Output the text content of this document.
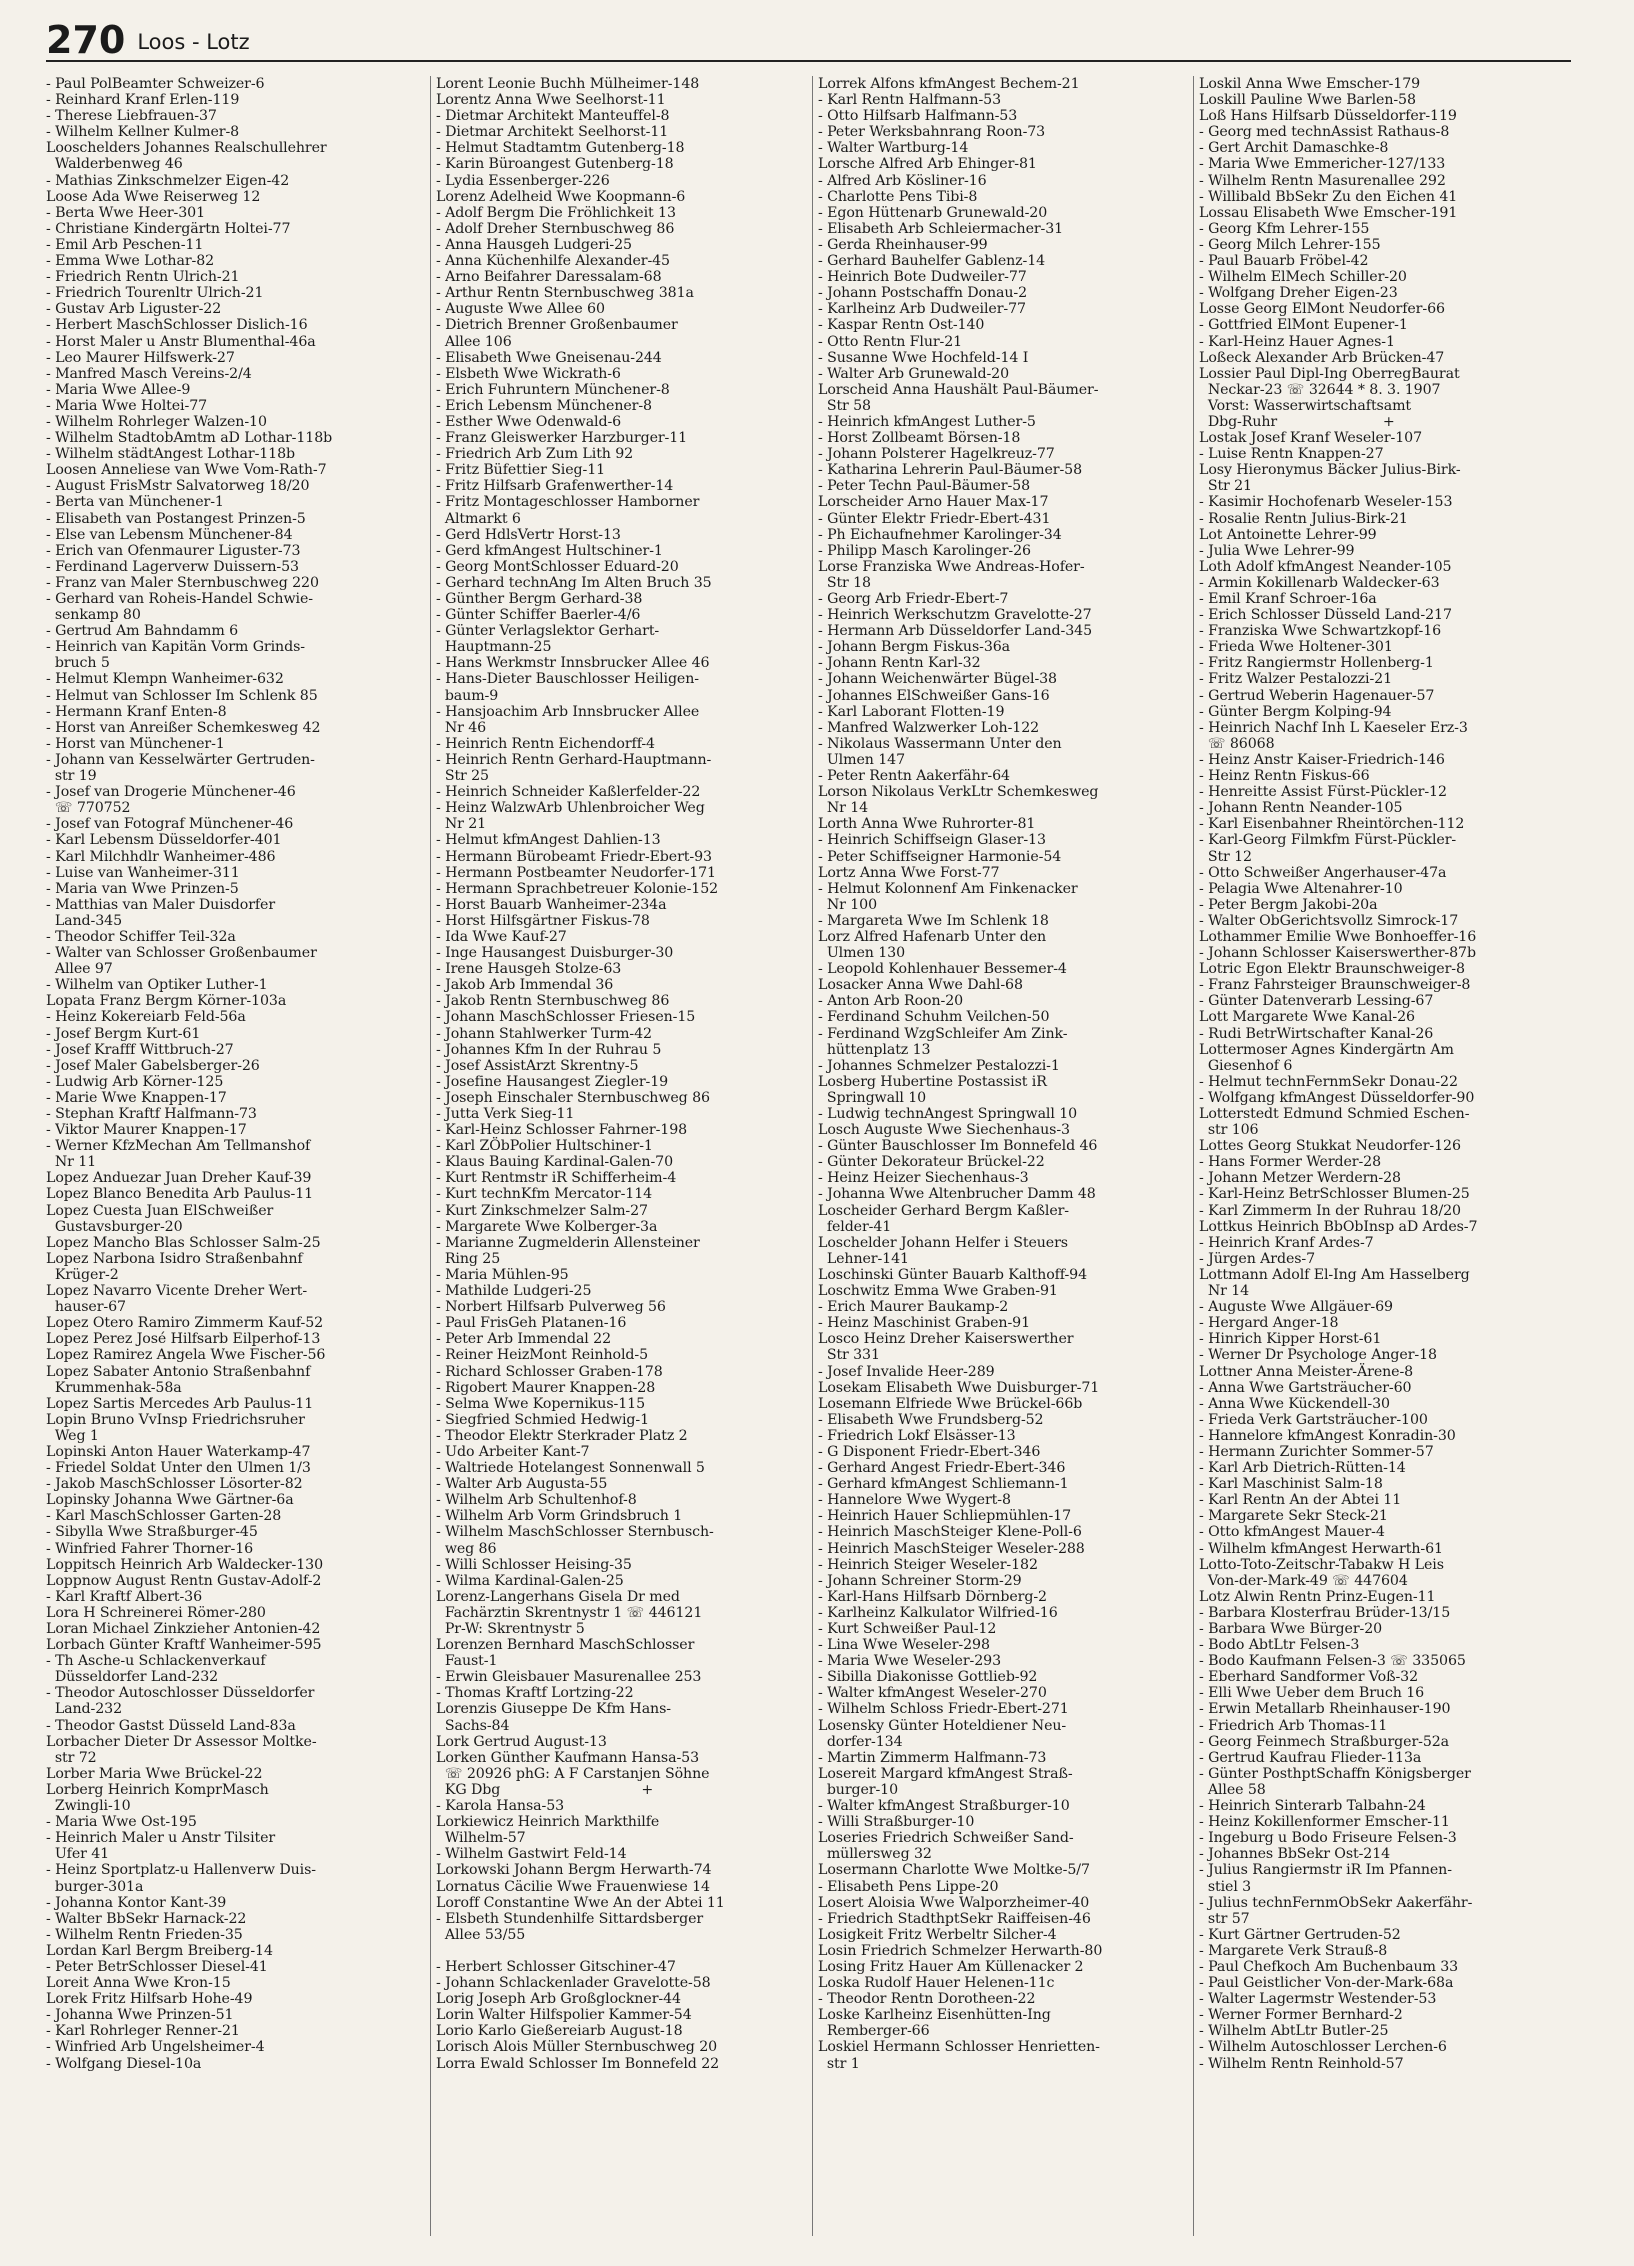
270 Loos - Lotz
- Paul PolBeamter Schweizer-6
- Reinhard Kranf Erlen-119
- Therese Liebfrauen-37
- Wilhelm Kellner Kulmer-8
Looschelders Johannes Realschullehrer
Walderbenweg 46
- Mathias Zinkschmelzer Eigen-42
Loose Ada Wwe Reiserweg 12
- Berta Wwe Heer-301
- Christiane Kindergärtn Holtei-77
- Emil Arb Peschen-11
- Emma Wwe Lothar-82
- Friedrich Rentn Ulrich-21
- Friedrich Tourenltr Ulrich-21
- Gustav Arb Liguster-22
- Herbert MaschSchlosser Dislich-16
- Horst Maler u Anstr Blumenthal-46a
- Leo Maurer Hilfswerk-27
- Manfred Masch Vereins-2/4
- Maria Wwe Allee-9
- Maria Wwe Holtei-77
- Wilhelm Rohrleger Walzen-10
- Wilhelm StadtobAmtm aD Lothar-118b
- Wilhelm städtAngest Lothar-118b
Loosen Anneliese van Wwe Vom-Rath-7
- August FrisMstr Salvatorweg 18/20
- Berta van Münchener-1
- Elisabeth van Postangest Prinzen-5
- Else van Lebensm Münchener-84
- Erich van Ofenmaurer Liguster-73
- Ferdinand Lagerverw Duissern-53
- Franz van Maler Sternbuschweg 220
- Gerhard van Roheis-Handel Schwie-
senkamp 80
- Gertrud Am Bahndamm 6
- Heinrich van Kapitän Vorm Grinds-
bruch 5
- Helmut Klempn Wanheimer-632
- Helmut van Schlosser Im Schlenk 85
- Hermann Kranf Enten-8
- Horst van Anreißer Schemkesweg 42
- Horst van Münchener-1
- Johann van Kesselwärter Gertruden-
str 19
- Josef van Drogerie Münchener-46
☏ 770752
- Josef van Fotograf Münchener-46
- Karl Lebensm Düsseldorfer-401
- Karl Milchhdlr Wanheimer-486
- Luise van Wanheimer-311
- Maria van Wwe Prinzen-5
- Matthias van Maler Duisdorfer
Land-345
- Theodor Schiffer Teil-32a
- Walter van Schlosser Großenbaumer
Allee 97
- Wilhelm van Optiker Luther-1
Lopata Franz Bergm Körner-103a
- Heinz Kokereiarb Feld-56a
- Josef Bergm Kurt-61
- Josef Krafff Wittbruch-27
- Josef Maler Gabelsberger-26
- Ludwig Arb Körner-125
- Marie Wwe Knappen-17
- Stephan Kraftf Halfmann-73
- Viktor Maurer Knappen-17
- Werner KfzMechan Am Tellmanshof
Nr 11
Lopez Anduezar Juan Dreher Kauf-39
Lopez Blanco Benedita Arb Paulus-11
Lopez Cuesta Juan ElSchweißer
Gustavsburger-20
Lopez Mancho Blas Schlosser Salm-25
Lopez Narbona Isidro Straßenbahnf
Krüger-2
Lopez Navarro Vicente Dreher Wert-
hauser-67
Lopez Otero Ramiro Zimmerm Kauf-52
Lopez Perez José Hilfsarb Eilperhof-13
Lopez Ramirez Angela Wwe Fischer-56
Lopez Sabater Antonio Straßenbahnf
Krummenhak-58a
Lopez Sartis Mercedes Arb Paulus-11
Lopin Bruno VvInsp Friedrichsruher
Weg 1
Lopinski Anton Hauer Waterkamp-47
- Friedel Soldat Unter den Ulmen 1/3
- Jakob MaschSchlosser Lösorter-82
Lopinsky Johanna Wwe Gärtner-6a
- Karl MaschSchlosser Garten-28
- Sibylla Wwe Straßburger-45
- Winfried Fahrer Thorner-16
Loppitsch Heinrich Arb Waldecker-130
Loppnow August Rentn Gustav-Adolf-2
- Karl Kraftf Albert-36
Lora H Schreinerei Römer-280
Loran Michael Zinkzieher Antonien-42
Lorbach Günter Kraftf Wanheimer-595
- Th Asche-u Schlackenverkauf
Düsseldorfer Land-232
- Theodor Autoschlosser Düsseldorfer
Land-232
- Theodor Gastst Düsseld Land-83a
Lorbacher Dieter Dr Assessor Moltke-
str 72
Lorber Maria Wwe Brückel-22
Lorberg Heinrich KomprMasch
Zwingli-10
- Maria Wwe Ost-195
- Heinrich Maler u Anstr Tilsiter
Ufer 41
- Heinz Sportplatz-u Hallenverw Duis-
burger-301a
- Johanna Kontor Kant-39
- Walter BbSekr Harnack-22
- Wilhelm Rentn Frieden-35
Lordan Karl Bergm Breiberg-14
- Peter BetrSchlosser Diesel-41
Loreit Anna Wwe Kron-15
Lorek Fritz Hilfsarb Hohe-49
- Johanna Wwe Prinzen-51
- Karl Rohrleger Renner-21
- Winfried Arb Ungelsheimer-4
- Wolfgang Diesel-10a
Lorent Leonie Buchh Mülheimer-148
Lorentz Anna Wwe Seelhorst-11
- Dietmar Architekt Manteuffel-8
- Dietmar Architekt Seelhorst-11
- Helmut Stadtamtm Gutenberg-18
- Karin Büroangest Gutenberg-18
- Lydia Essenberger-226
Lorenz Adelheid Wwe Koopmann-6
- Adolf Bergm Die Fröhlichkeit 13
- Adolf Dreher Sternbuschweg 86
- Anna Hausgeh Ludgeri-25
- Anna Küchenhilfe Alexander-45
- Arno Beifahrer Daressalam-68
- Arthur Rentn Sternbuschweg 381a
- Auguste Wwe Allee 60
- Dietrich Brenner Großenbaumer
Allee 106
- Elisabeth Wwe Gneisenau-244
- Elsbeth Wwe Wickrath-6
- Erich Fuhruntern Münchener-8
- Erich Lebensm Münchener-8
- Esther Wwe Odenwald-6
- Franz Gleiswerker Harzburger-11
- Friedrich Arb Zum Lith 92
- Fritz Büfettier Sieg-11
- Fritz Hilfsarb Grafenwerther-14
- Fritz Montageschlosser Hamborner
Altmarkt 6
- Gerd HdlsVertr Horst-13
- Gerd kfmAngest Hultschiner-1
- Georg MontSchlosser Eduard-20
- Gerhard technAng Im Alten Bruch 35
- Günther Bergm Gerhard-38
- Günter Schiffer Baerler-4/6
- Günter Verlagslektor Gerhart-
Hauptmann-25
- Hans Werkmstr Innsbrucker Allee 46
- Hans-Dieter Bauschlosser Heiligen-
baum-9
- Hansjoachim Arb Innsbrucker Allee
Nr 46
- Heinrich Rentn Eichendorff-4
- Heinrich Rentn Gerhard-Hauptmann-
Str 25
- Heinrich Schneider Kaßlerfelder-22
- Heinz WalzwArb Uhlenbroicher Weg
Nr 21
- Helmut kfmAngest Dahlien-13
- Hermann Bürobeamt Friedr-Ebert-93
- Hermann Postbeamter Neudorfer-171
- Hermann Sprachbetreuer Kolonie-152
- Horst Bauarb Wanheimer-234a
- Horst Hilfsgärtner Fiskus-78
- Ida Wwe Kauf-27
- Inge Hausangest Duisburger-30
- Irene Hausgeh Stolze-63
- Jakob Arb Immendal 36
- Jakob Rentn Sternbuschweg 86
- Johann MaschSchlosser Friesen-15
- Johann Stahlwerker Turm-42
- Johannes Kfm In der Ruhrau 5
- Josef AssistArzt Skrentny-5
- Josefine Hausangest Ziegler-19
- Joseph Einschaler Sternbuschweg 86
- Jutta Verk Sieg-11
- Karl-Heinz Schlosser Fahrner-198
- Karl ZÖbPolier Hultschiner-1
- Klaus Bauing Kardinal-Galen-70
- Kurt Rentmstr iR Schifferheim-4
- Kurt technKfm Mercator-114
- Kurt Zinkschmelzer Salm-27
- Margarete Wwe Kolberger-3a
- Marianne Zugmelderin Allensteiner
Ring 25
- Maria Mühlen-95
- Mathilde Ludgeri-25
- Norbert Hilfsarb Pulverweg 56
- Paul FrisGeh Platanen-16
- Peter Arb Immendal 22
- Reiner HeizMont Reinhold-5
- Richard Schlosser Graben-178
- Rigobert Maurer Knappen-28
- Selma Wwe Kopernikus-115
- Siegfried Schmied Hedwig-1
- Theodor Elektr Sterkrader Platz 2
- Udo Arbeiter Kant-7
- Waltriede Hotelangest Sonnenwall 5
- Walter Arb Augusta-55
- Wilhelm Arb Schultenhof-8
- Wilhelm Arb Vorm Grindsbruch 1
- Wilhelm MaschSchlosser Sternbusch-
weg 86
- Willi Schlosser Heising-35
- Wilma Kardinal-Galen-25
Lorenz-Langerhans Gisela Dr med
Fachärztin Skrentnystr 1 ☏ 446121
Pr-W: Skrentnystr 5
Lorenzen Bernhard MaschSchlosser
Faust-1
- Erwin Gleisbauer Masurenallee 253
- Thomas Kraftf Lortzing-22
Lorenzis Giuseppe De Kfm Hans-
Sachs-84
Lork Gertrud August-13
Lorken Günther Kaufmann Hansa-53
☏ 20926 phG: A F Carstanjen Söhne
KG Dbg                                +
- Karola Hansa-53
Lorkiewicz Heinrich Markthilfe
Wilhelm-57
- Wilhelm Gastwirt Feld-14
Lorkowski Johann Bergm Herwarth-74
Lornatus Cäcilie Wwe Frauenwiese 14
Loroff Constantine Wwe An der Abtei 11
- Elsbeth Stundenhilfe Sittardsberger
Allee 53/55
- Herbert Schlosser Gitschiner-47
- Johann Schlackenlader Gravelotte-58
Lorig Joseph Arb Großglockner-44
Lorin Walter Hilfspolier Kammer-54
Lorio Karlo Gießereiarb August-18
Lorisch Alois Müller Sternbuschweg 20
Lorra Ewald Schlosser Im Bonnefeld 22
Lorrek Alfons kfmAngest Bechem-21
- Karl Rentn Halfmann-53
- Otto Hilfsarb Halfmann-53
- Peter Werksbahnrang Roon-73
- Walter Wartburg-14
Lorsche Alfred Arb Ehinger-81
- Alfred Arb Kösliner-16
- Charlotte Pens Tibi-8
- Egon Hüttenarb Grunewald-20
- Elisabeth Arb Schleiermacher-31
- Gerda Rheinhauser-99
- Gerhard Bauhelfer Gablenz-14
- Heinrich Bote Dudweiler-77
- Johann Postschaffn Donau-2
- Karlheinz Arb Dudweiler-77
- Kaspar Rentn Ost-140
- Otto Rentn Flur-21
- Susanne Wwe Hochfeld-14 I
- Walter Arb Grunewald-20
Lorscheid Anna Haushält Paul-Bäumer-
Str 58
- Heinrich kfmAngest Luther-5
- Horst Zollbeamt Börsen-18
- Johann Polsterer Hagelkreuz-77
- Katharina Lehrerin Paul-Bäumer-58
- Peter Techn Paul-Bäumer-58
Lorscheider Arno Hauer Max-17
- Günter Elektr Friedr-Ebert-431
- Ph Eichaufnehmer Karolinger-34
- Philipp Masch Karolinger-26
Lorse Franziska Wwe Andreas-Hofer-
Str 18
- Georg Arb Friedr-Ebert-7
- Heinrich Werkschutzm Gravelotte-27
- Hermann Arb Düsseldorfer Land-345
- Johann Bergm Fiskus-36a
- Johann Rentn Karl-32
- Johann Weichenwärter Bügel-38
- Johannes ElSchweißer Gans-16
- Karl Laborant Flotten-19
- Manfred Walzwerker Loh-122
- Nikolaus Wassermann Unter den
Ulmen 147
- Peter Rentn Aakerfähr-64
Lorson Nikolaus VerkLtr Schemkesweg
Nr 14
Lorth Anna Wwe Ruhrorter-81
- Heinrich Schiffseign Glaser-13
- Peter Schiffseigner Harmonie-54
Lortz Anna Wwe Forst-77
- Helmut Kolonnenf Am Finkenacker
Nr 100
- Margareta Wwe Im Schlenk 18
Lorz Alfred Hafenarb Unter den
Ulmen 130
- Leopold Kohlenhauer Bessemer-4
Losacker Anna Wwe Dahl-68
- Anton Arb Roon-20
- Ferdinand Schuhm Veilchen-50
- Ferdinand WzgSchleifer Am Zink-
hüttenplatz 13
- Johannes Schmelzer Pestalozzi-1
Losberg Hubertine Postassist iR
Springwall 10
- Ludwig technAngest Springwall 10
Losch Auguste Wwe Siechenhaus-3
- Günter Bauschlosser Im Bonnefeld 46
- Günter Dekorateur Brückel-22
- Heinz Heizer Siechenhaus-3
- Johanna Wwe Altenbrucher Damm 48
Loscheider Gerhard Bergm Kaßler-
felder-41
Loschelder Johann Helfer i Steuers
Lehner-141
Loschinski Günter Bauarb Kalthoff-94
Loschwitz Emma Wwe Graben-91
- Erich Maurer Baukamp-2
- Heinz Maschinist Graben-91
Losco Heinz Dreher Kaiserswerther
Str 331
- Josef Invalide Heer-289
Losekam Elisabeth Wwe Duisburger-71
Losemann Elfriede Wwe Brückel-66b
- Elisabeth Wwe Frundsberg-52
- Friedrich Lokf Elsässer-13
- G Disponent Friedr-Ebert-346
- Gerhard Angest Friedr-Ebert-346
- Gerhard kfmAngest Schliemann-1
- Hannelore Wwe Wygert-8
- Heinrich Hauer Schliepmühlen-17
- Heinrich MaschSteiger Klene-Poll-6
- Heinrich MaschSteiger Weseler-288
- Heinrich Steiger Weseler-182
- Johann Schreiner Storm-29
- Karl-Hans Hilfsarb Dörnberg-2
- Karlheinz Kalkulator Wilfried-16
- Kurt Schweißer Paul-12
- Lina Wwe Weseler-298
- Maria Wwe Weseler-293
- Sibilla Diakonisse Gottlieb-92
- Walter kfmAngest Weseler-270
- Wilhelm Schloss Friedr-Ebert-271
Losensky Günter Hoteldiener Neu-
dorfer-134
- Martin Zimmerm Halfmann-73
Losereit Margard kfmAngest Straß-
burger-10
- Walter kfmAngest Straßburger-10
- Willi Straßburger-10
Loseries Friedrich Schweißer Sand-
müllersweg 32
Losermann Charlotte Wwe Moltke-5/7
- Elisabeth Pens Lippe-20
Losert Aloisia Wwe Walporzheimer-40
- Friedrich StadthptSekr Raiffeisen-46
Losigkeit Fritz Werbeltr Silcher-4
Losin Friedrich Schmelzer Herwarth-80
Losing Fritz Hauer Am Küllenacker 2
Loska Rudolf Hauer Helenen-11c
- Theodor Rentn Dorotheen-22
Loske Karlheinz Eisenhütten-Ing
Remberger-66
Loskiel Hermann Schlosser Henrietten-
str 1
Loskil Anna Wwe Emscher-179
Loskill Pauline Wwe Barlen-58
Loß Hans Hilfsarb Düsseldorfer-119
- Georg med technAssist Rathaus-8
- Gert Archit Damaschke-8
- Maria Wwe Emmericher-127/133
- Wilhelm Rentn Masurenallee 292
- Willibald BbSekr Zu den Eichen 41
Lossau Elisabeth Wwe Emscher-191
- Georg Kfm Lehrer-155
- Georg Milch Lehrer-155
- Paul Bauarb Fröbel-42
- Wilhelm ElMech Schiller-20
- Wolfgang Dreher Eigen-23
Losse Georg ElMont Neudorfer-66
- Gottfried ElMont Eupener-1
- Karl-Heinz Hauer Agnes-1
Loßeck Alexander Arb Brücken-47
Lossier Paul Dipl-Ing OberregBaurat
Neckar-23 ☏ 32644 * 8. 3. 1907
Vorst: Wasserwirtschaftsamt
Dbg-Ruhr                        +
Lostak Josef Kranf Weseler-107
- Luise Rentn Knappen-27
Losy Hieronymus Bäcker Julius-Birk-
Str 21
- Kasimir Hochofenarb Weseler-153
- Rosalie Rentn Julius-Birk-21
Lot Antoinette Lehrer-99
- Julia Wwe Lehrer-99
Loth Adolf kfmAngest Neander-105
- Armin Kokillenarb Waldecker-63
- Emil Kranf Schroer-16a
- Erich Schlosser Düsseld Land-217
- Franziska Wwe Schwartzkopf-16
- Frieda Wwe Holtener-301
- Fritz Rangiermstr Hollenberg-1
- Fritz Walzer Pestalozzi-21
- Gertrud Weberin Hagenauer-57
- Günter Bergm Kolping-94
- Heinrich Nachf Inh L Kaeseler Erz-3
☏ 86068
- Heinz Anstr Kaiser-Friedrich-146
- Heinz Rentn Fiskus-66
- Henreitte Assist Fürst-Pückler-12
- Johann Rentn Neander-105
- Karl Eisenbahner Rheintörchen-112
- Karl-Georg Filmkfm Fürst-Pückler-
Str 12
- Otto Schweißer Angerhauser-47a
- Pelagia Wwe Altenahrer-10
- Peter Bergm Jakobi-20a
- Walter ObGerichtsvollz Simrock-17
Lothammer Emilie Wwe Bonhoeffer-16
- Johann Schlosser Kaiserswerther-87b
Lotric Egon Elektr Braunschweiger-8
- Franz Fahrsteiger Braunschweiger-8
- Günter Datenverarb Lessing-67
Lott Margarete Wwe Kanal-26
- Rudi BetrWirtschafter Kanal-26
Lottermoser Agnes Kindergärtn Am
Giesenhof 6
- Helmut technFernmSekr Donau-22
- Wolfgang kfmAngest Düsseldorfer-90
Lotterstedt Edmund Schmied Eschen-
str 106
Lottes Georg Stukkat Neudorfer-126
- Hans Former Werder-28
- Johann Metzer Werdern-28
- Karl-Heinz BetrSchlosser Blumen-25
- Karl Zimmerm In der Ruhrau 18/20
Lottkus Heinrich BbObInsp aD Ardes-7
- Heinrich Kranf Ardes-7
- Jürgen Ardes-7
Lottmann Adolf El-Ing Am Hasselberg
Nr 14
- Auguste Wwe Allgäuer-69
- Hergard Anger-18
- Hinrich Kipper Horst-61
- Werner Dr Psychologe Anger-18
Lottner Anna Meister-Ärene-8
- Anna Wwe Gartsträucher-60
- Anna Wwe Kückendell-30
- Frieda Verk Gartsträucher-100
- Hannelore kfmAngest Konradin-30
- Hermann Zurichter Sommer-57
- Karl Arb Dietrich-Rütten-14
- Karl Maschinist Salm-18
- Karl Rentn An der Abtei 11
- Margarete Sekr Steck-21
- Otto kfmAngest Mauer-4
- Wilhelm kfmAngest Herwarth-61
Lotto-Toto-Zeitschr-Tabakw H Leis
Von-der-Mark-49 ☏ 447604
Lotz Alwin Rentn Prinz-Eugen-11
- Barbara Klosterfrau Brüder-13/15
- Barbara Wwe Bürger-20
- Bodo AbtLtr Felsen-3
- Bodo Kaufmann Felsen-3 ☏ 335065
- Eberhard Sandformer Voß-32
- Elli Wwe Ueber dem Bruch 16
- Erwin Metallarb Rheinhauser-190
- Friedrich Arb Thomas-11
- Georg Feinmech Straßburger-52a
- Gertrud Kaufrau Flieder-113a
- Günter PosthptSchaffn Königsberger
Allee 58
- Heinrich Sinterarb Talbahn-24
- Heinz Kokillenformer Emscher-11
- Ingeburg u Bodo Friseure Felsen-3
- Johannes BbSekr Ost-214
- Julius Rangiermstr iR Im Pfannen-
stiel 3
- Julius technFernmObSekr Aakerfähr-
str 57
- Kurt Gärtner Gertruden-52
- Margarete Verk Strauß-8
- Paul Chefkoch Am Buchenbaum 33
- Paul Geistlicher Von-der-Mark-68a
- Walter Lagermstr Westender-53
- Werner Former Bernhard-2
- Wilhelm AbtLtr Butler-25
- Wilhelm Autoschlosser Lerchen-6
- Wilhelm Rentn Reinhold-57
